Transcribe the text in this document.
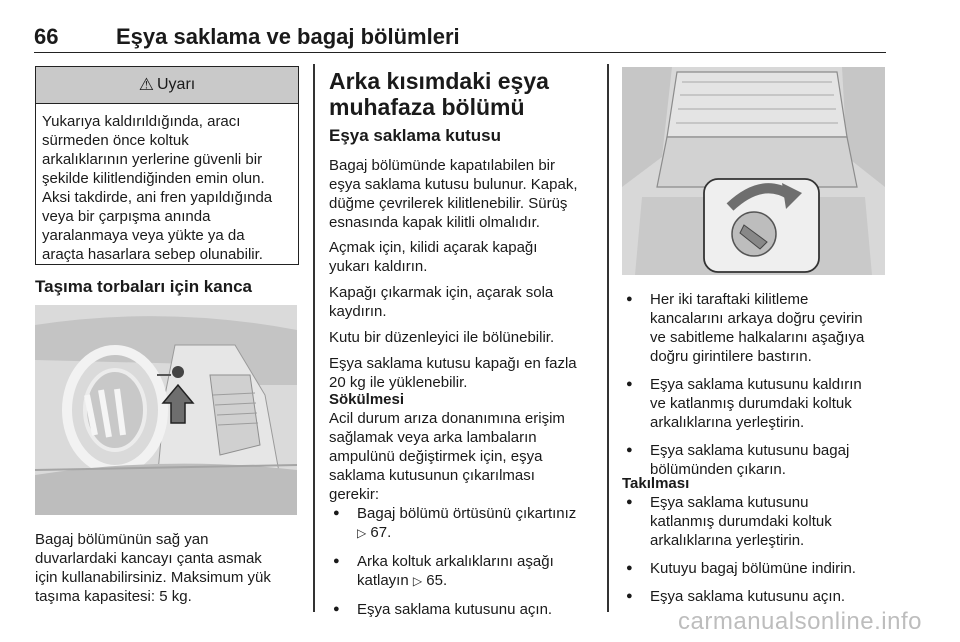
66	Eşya saklama ve bagaj bölümleri
⚠ Uyarı
Yukarıya kaldırıldığında, aracı
sürmeden önce koltuk
arkalıklarının yerlerine güvenli bir
şekilde kilitlendiğinden emin olun.
Aksi takdirde, ani fren yapıldığında
veya bir çarpışma anında
yaralanmaya veya yükte ya da
araçta hasarlara sebep olunabilir.
Taşıma torbaları için kanca
Bagaj bölümünün sağ yan
duvarlardaki kancayı çanta asmak
için kullanabilirsiniz. Maksimum yük
taşıma kapasitesi: 5 kg.
Arka kısımdaki eşya
muhafaza bölümü
Eşya saklama kutusu
Bagaj bölümünde kapatılabilen bir
eşya saklama kutusu bulunur. Kapak,
düğme çevrilerek kilitlenebilir. Sürüş
esnasında kapak kilitli olmalıdır.
Açmak için, kilidi açarak kapağı
yukarı kaldırın.
Kapağı çıkarmak için, açarak sola
kaydırın.
Kutu bir düzenleyici ile bölünebilir.
Eşya saklama kutusu kapağı en fazla
20 kg ile yüklenebilir.
Sökülmesi
Acil durum arıza donanımına erişim
sağlamak veya arka lambaların
ampulünü değiştirmek için, eşya
saklama kutusunun çıkarılması
gerekir:
● Bagaj bölümü örtüsünü çıkartınız
▷ 67.
● Arka koltuk arkalıklarını aşağı
katlayın ▷ 65.
● Eşya saklama kutusunu açın.
● Her iki taraftaki kilitleme
kancalarını arkaya doğru çevirin
ve sabitleme halkalarını aşağıya
doğru girintilere bastırın.
● Eşya saklama kutusunu kaldırın
ve katlanmış durumdaki koltuk
arkalıklarına yerleştirin.
● Eşya saklama kutusunu bagaj
bölümünden çıkarın.
Takılması
● Eşya saklama kutusunu
katlanmış durumdaki koltuk
arkalıklarına yerleştirin.
● Kutuyu bagaj bölümüne indirin.
● Eşya saklama kutusunu açın.
carmanualsonline.info
